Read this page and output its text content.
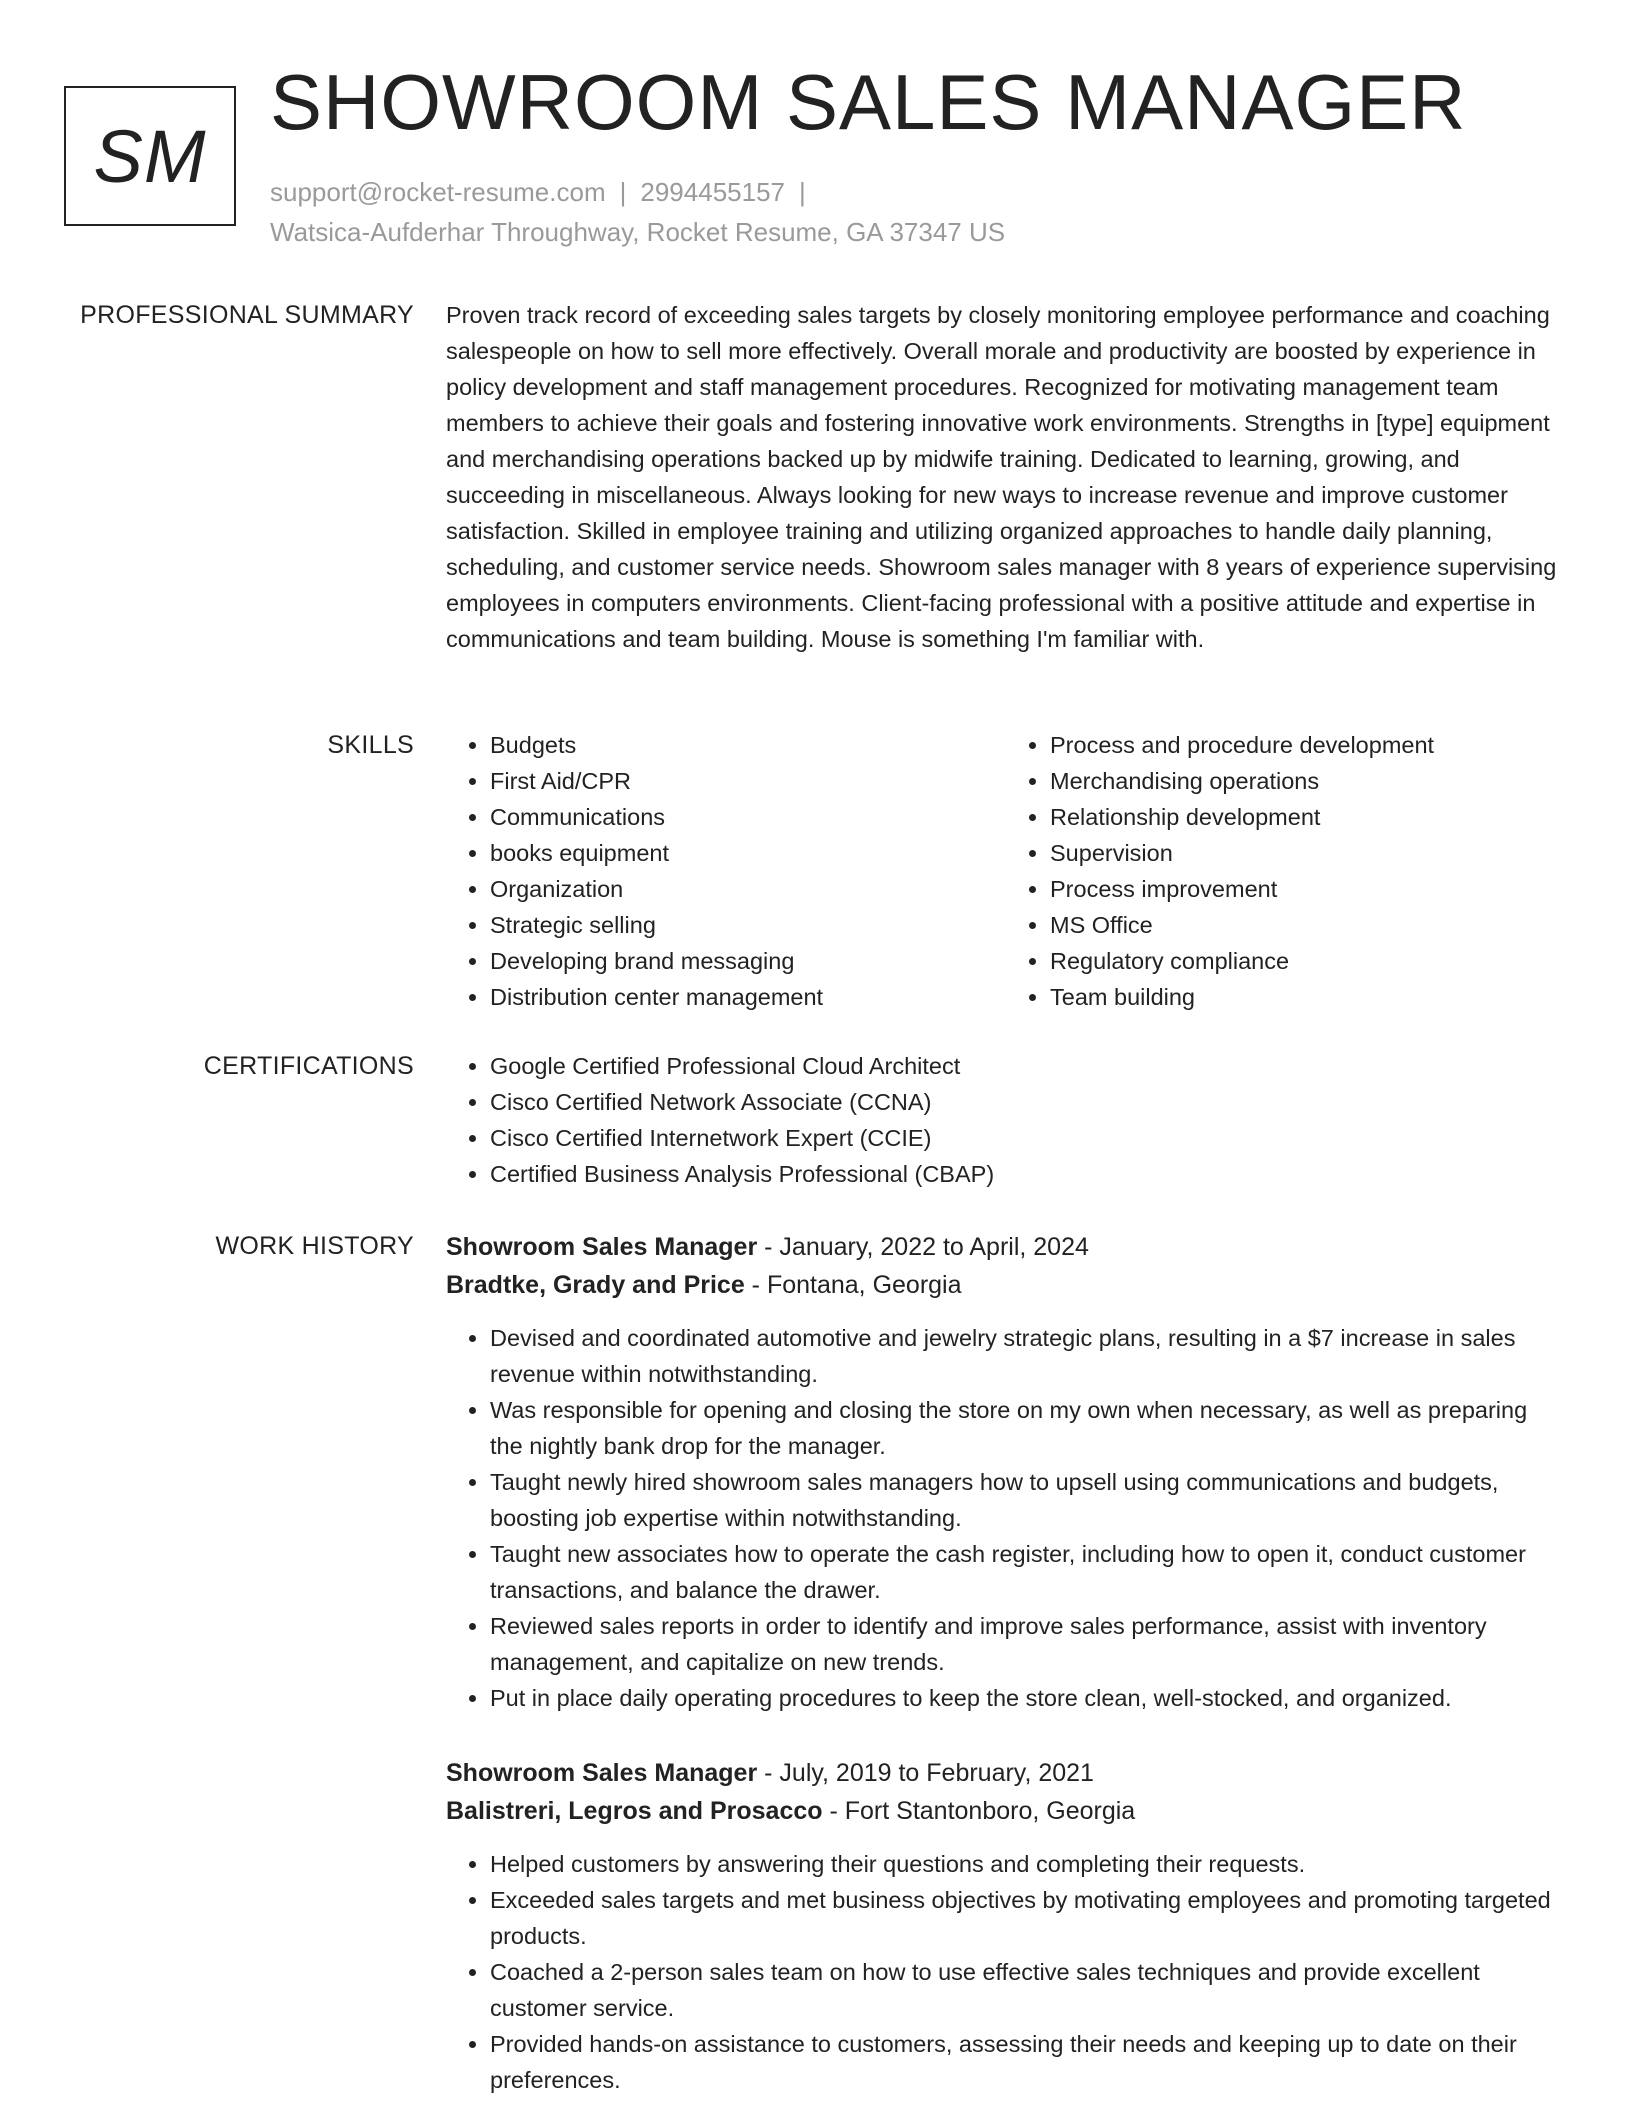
SM
SHOWROOM SALES MANAGER
support@rocket-resume.com | 2994455157 |
Watsica-Aufderhar Throughway, Rocket Resume, GA 37347 US
PROFESSIONAL SUMMARY Proven track record of exceeding sales targets by closely monitoring employee performance and coaching salespeople on how to sell more effectively. Overall morale and productivity are boosted by experience in policy development and staff management procedures. Recognized for motivating management team members to achieve their goals and fostering innovative work environments. Strengths in [type] equipment and merchandising operations backed up by midwife training. Dedicated to learning, growing, and succeeding in miscellaneous. Always looking for new ways to increase revenue and improve customer satisfaction. Skilled in employee training and utilizing organized approaches to handle daily planning, scheduling, and customer service needs. Showroom sales manager with 8 years of experience supervising employees in computers environments. Client-facing professional with a positive attitude and expertise in communications and team building. Mouse is something I'm familiar with.
SKILLS	• Budgets
• First Aid/CPR
• Communications
• books equipment
• Organization
• Strategic selling
• Developing brand messaging
• Distribution center management
• Process and procedure development
• Merchandising operations
• Relationship development
• Supervision
• Process improvement
• MS Office
• Regulatory compliance
• Team building
CERTIFICATIONS	• Google Certified Professional Cloud Architect
• Cisco Certified Network Associate (CCNA)
• Cisco Certified Internetwork Expert (CCIE)
• Certified Business Analysis Professional (CBAP)
WORK HISTORY Showroom Sales Manager - January, 2022 to April, 2024
Bradtke, Grady and Price - Fontana, Georgia
• Devised and coordinated automotive and jewelry strategic plans, resulting in a $7 increase in sales revenue within notwithstanding.
• Was responsible for opening and closing the store on my own when necessary, as well as preparing the nightly bank drop for the manager.
• Taught newly hired showroom sales managers how to upsell using communications and budgets, boosting job expertise within notwithstanding.
• Taught new associates how to operate the cash register, including how to open it, conduct customer transactions, and balance the drawer.
• Reviewed sales reports in order to identify and improve sales performance, assist with inventory management, and capitalize on new trends.
• Put in place daily operating procedures to keep the store clean, well-stocked, and organized.
Showroom Sales Manager - July, 2019 to February, 2021
Balistreri, Legros and Prosacco - Fort Stantonboro, Georgia
• Helped customers by answering their questions and completing their requests.
• Exceeded sales targets and met business objectives by motivating employees and promoting targeted products.
• Coached a 2-person sales team on how to use effective sales techniques and provide excellent customer service.
• Provided hands-on assistance to customers, assessing their needs and keeping up to date on their preferences.
